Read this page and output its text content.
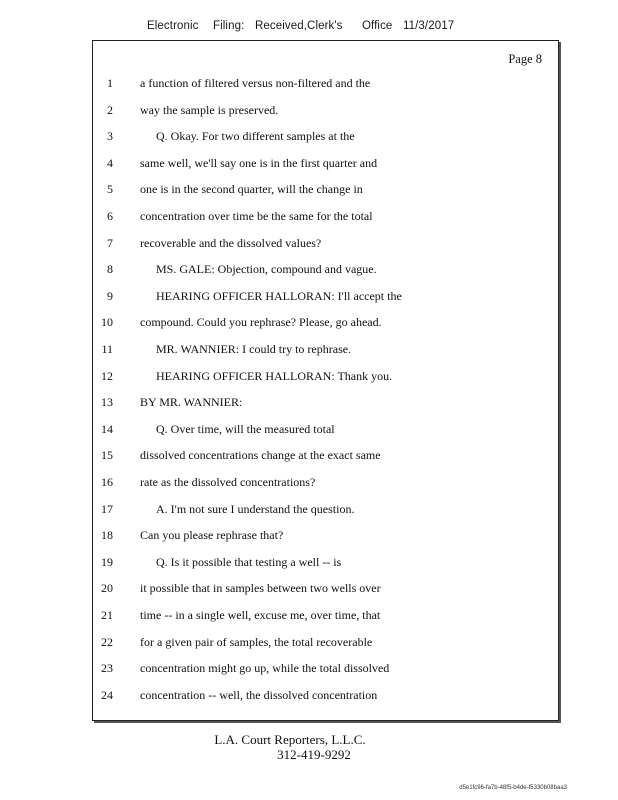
Electronic Filing: Received,Clerk's Office 11/3/2017
Page 8
1 a function of filtered versus non-filtered and the
2 way the sample is preserved.
3	Q. Okay. For two different samples at the
4 same well, we'll say one is in the first quarter and
5 one is in the second quarter, will the change in
6 concentration over time be the same for the total
7 recoverable and the dissolved values?
8	MS. GALE: Objection, compound and vague.
9	HEARING OFFICER HALLORAN: I'll accept the
10 compound. Could you rephrase? Please, go ahead.
11	MR. WANNIER: I could try to rephrase.
12	HEARING OFFICER HALLORAN: Thank you.
13 BY MR. WANNIER:
14	Q. Over time, will the measured total
15 dissolved concentrations change at the exact same
16 rate as the dissolved concentrations?
17	A. I'm not sure I understand the question.
18 Can you please rephrase that?
19	Q. Is it possible that testing a well -- is
20 it possible that in samples between two wells over
21 time -- in a single well, excuse me, over time, that
22 for a given pair of samples, the total recoverable
23 concentration might go up, while the total dissolved
24 concentration -- well, the dissolved concentration
L.A. Court Reporters, L.L.C.
312-419-9292
d5e1fc96-fa7b-48f5-b4de-f5330b08baa3
